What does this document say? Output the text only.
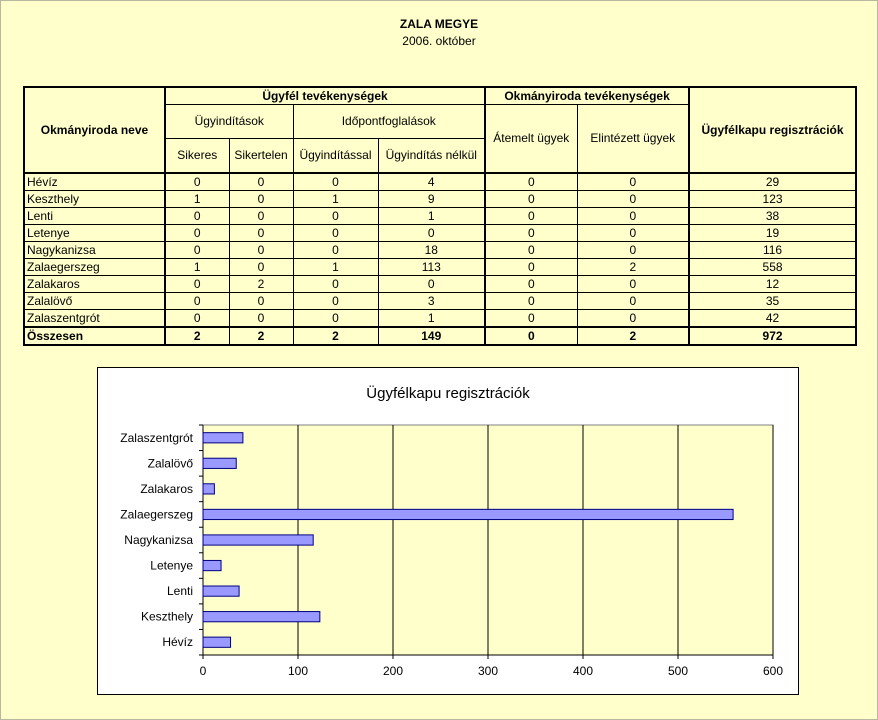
ZALA MEGYE
2006. október
Okmányiroda neve	Ügyfél tevékenységek				Okmányiroda tevékenységek		Ügyfélkapu regisztrációk
	Ügyindítások		Időpontfoglalások		Átemelt ügyek	Elintézett ügyek	
	Sikeres	Sikertelen	Ügyindítással	Ügyindítás nélkül			
Hévíz	0	0	0	4	0	0	29
Keszthely	1	0	1	9	0	0	123
Lenti	0	0	0	1	0	0	38
Letenye	0	0	0	0	0	0	19
Nagykanizsa	0	0	0	18	0	0	116
Zalaegerszeg	1	0	1	113	0	2	558
Zalakaros	0	2	0	0	0	0	12
Zalalövő	0	0	0	3	0	0	35
Zalaszentgrót	0	0	0	1	0	0	42
Összesen	2	2	2	149	0	2	972
Ügyfélkapu regisztrációk
0	100	200	300	400	500	600
Hévíz
Keszthely
Lenti
Letenye
Nagykanizsa
Zalaegerszeg
Zalakaros
Zalalövő
Zalaszentgrót
